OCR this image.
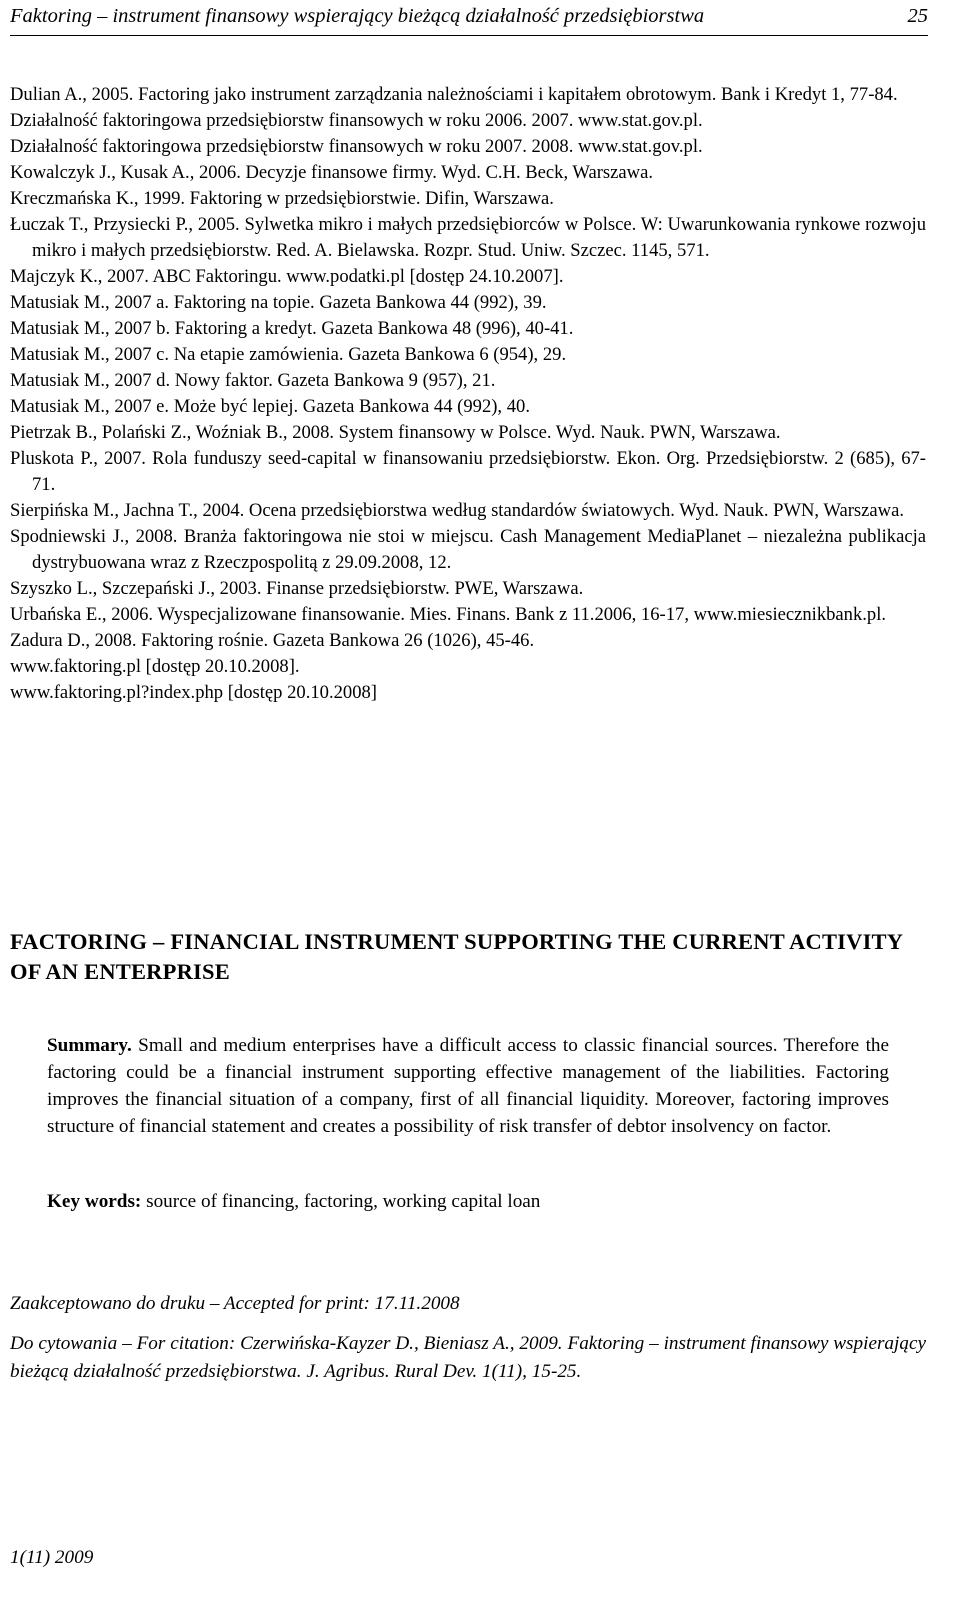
Faktoring – instrument finansowy wspierający bieżącą działalność przedsiębiorstwa	25
Dulian A., 2005. Factoring jako instrument zarządzania należnościami i kapitałem obrotowym. Bank i Kredyt 1, 77-84.
Działalność faktoringowa przedsiębiorstw finansowych w roku 2006. 2007. www.stat.gov.pl.
Działalność faktoringowa przedsiębiorstw finansowych w roku 2007. 2008. www.stat.gov.pl.
Kowalczyk J., Kusak A., 2006. Decyzje finansowe firmy. Wyd. C.H. Beck, Warszawa.
Kreczmańska K., 1999. Faktoring w przedsiębiorstwie. Difin, Warszawa.
Łuczak T., Przysiecki P., 2005. Sylwetka mikro i małych przedsiębiorców w Polsce. W: Uwarunkowania rynkowe rozwoju mikro i małych przedsiębiorstw. Red. A. Bielawska. Rozpr. Stud. Uniw. Szczec. 1145, 571.
Majczyk K., 2007. ABC Faktoringu. www.podatki.pl [dostęp 24.10.2007].
Matusiak M., 2007 a. Faktoring na topie. Gazeta Bankowa 44 (992), 39.
Matusiak M., 2007 b. Faktoring a kredyt. Gazeta Bankowa 48 (996), 40-41.
Matusiak M., 2007 c. Na etapie zamówienia. Gazeta Bankowa 6 (954), 29.
Matusiak M., 2007 d. Nowy faktor. Gazeta Bankowa 9 (957), 21.
Matusiak M., 2007 e. Może być lepiej. Gazeta Bankowa 44 (992), 40.
Pietrzak B., Polański Z., Woźniak B., 2008. System finansowy w Polsce. Wyd. Nauk. PWN, Warszawa.
Pluskota P., 2007. Rola funduszy seed-capital w finansowaniu przedsiębiorstw. Ekon. Org. Przedsiębiorstw. 2 (685), 67-71.
Sierpińska M., Jachna T., 2004. Ocena przedsiębiorstwa według standardów światowych. Wyd. Nauk. PWN, Warszawa.
Spodniewski J., 2008. Branża faktoringowa nie stoi w miejscu. Cash Management MediaPlanet – niezależna publikacja dystrybuowana wraz z Rzeczpospolitą z 29.09.2008, 12.
Szyszko L., Szczepański J., 2003. Finanse przedsiębiorstw. PWE, Warszawa.
Urbańska E., 2006. Wyspecjalizowane finansowanie. Mies. Finans. Bank z 11.2006, 16-17, www.miesiecznikbank.pl.
Zadura D., 2008. Faktoring rośnie. Gazeta Bankowa 26 (1026), 45-46.
www.faktoring.pl [dostęp 20.10.2008].
www.faktoring.pl?index.php [dostęp 20.10.2008]
FACTORING – FINANCIAL INSTRUMENT SUPPORTING THE CURRENT ACTIVITY OF AN ENTERPRISE

Summary. Small and medium enterprises have a difficult access to classic financial sources. Therefore the factoring could be a financial instrument supporting effective management of the liabilities. Factoring improves the financial situation of a company, first of all financial liquidity. Moreover, factoring improves structure of financial statement and creates a possibility of risk transfer of debtor insolvency on factor.

Key words: source of financing, factoring, working capital loan

Zaakceptowano do druku – Accepted for print: 17.11.2008

Do cytowania – For citation: Czerwińska-Kayzer D., Bieniasz A., 2009. Faktoring – instrument finansowy wspierający bieżącą działalność przedsiębiorstwa. J. Agribus. Rural Dev. 1(11), 15-25.

1(11) 2009
